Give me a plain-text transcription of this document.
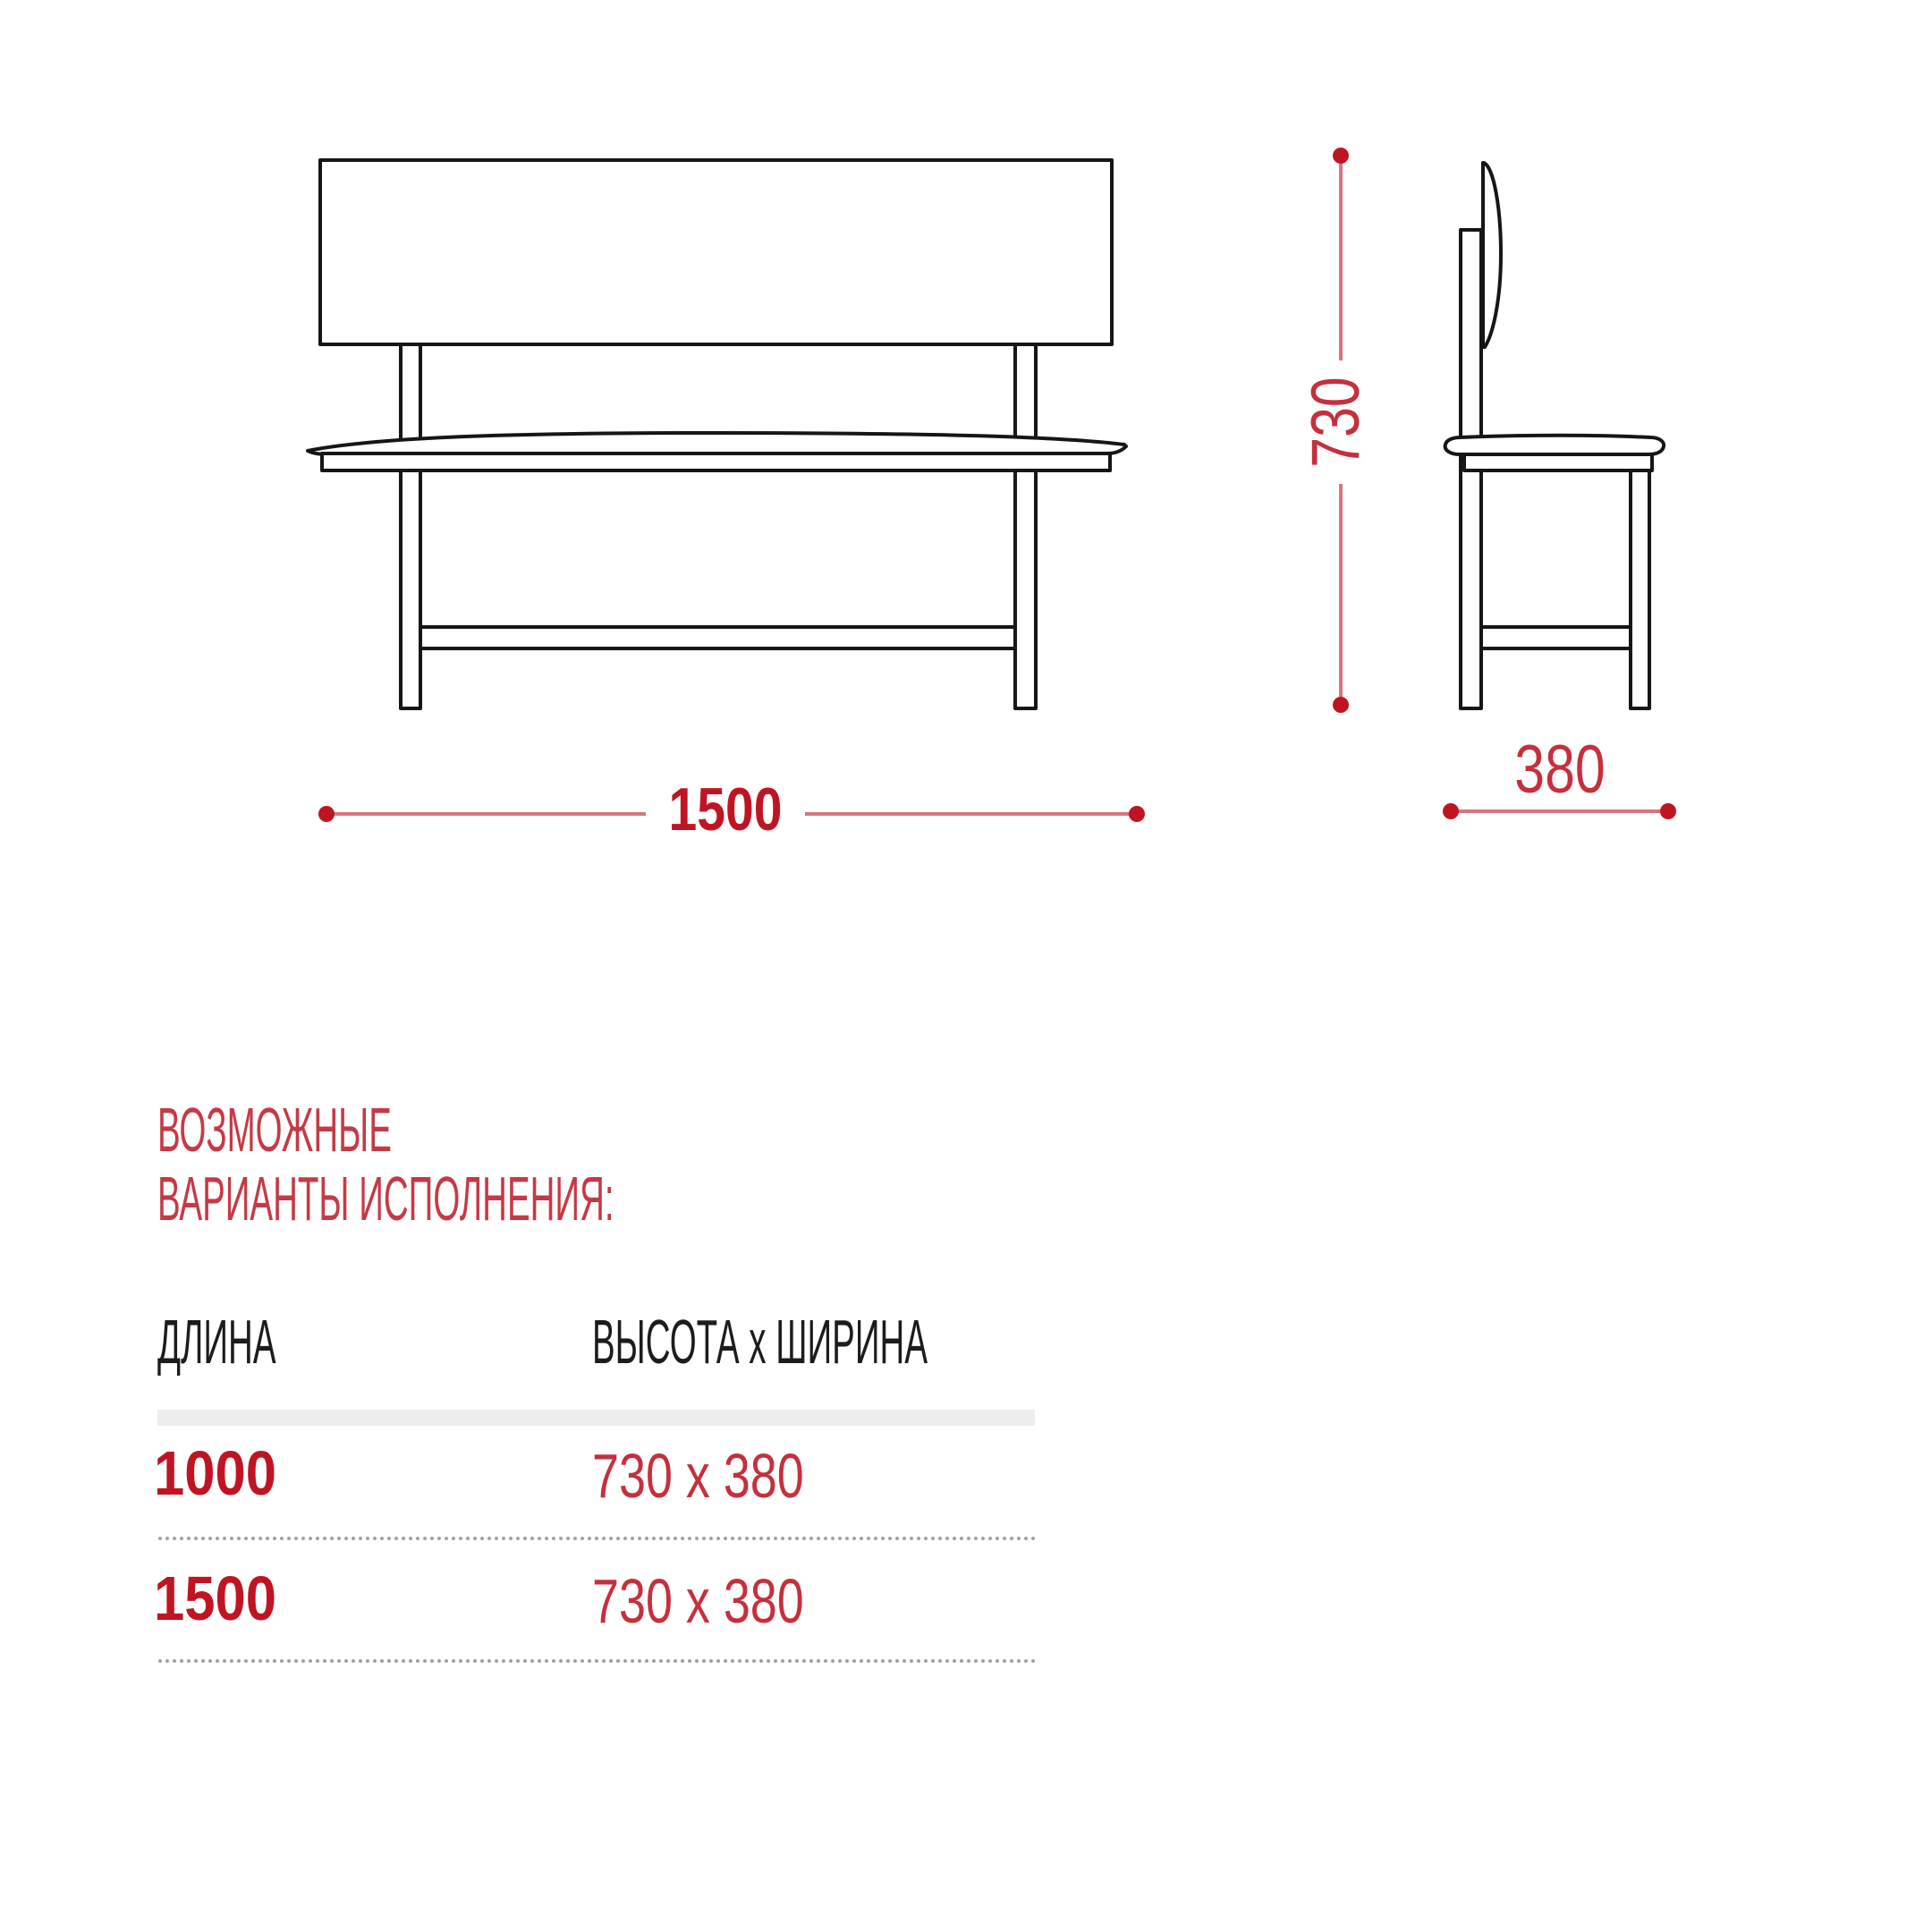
1500
730
380
ВОЗМОЖНЫЕ
ВАРИАНТЫ ИСПОЛНЕНИЯ:
ДЛИНА	ВЫСОТА x ШИРИНА
1000	730 x 380
1500	730 x 380
